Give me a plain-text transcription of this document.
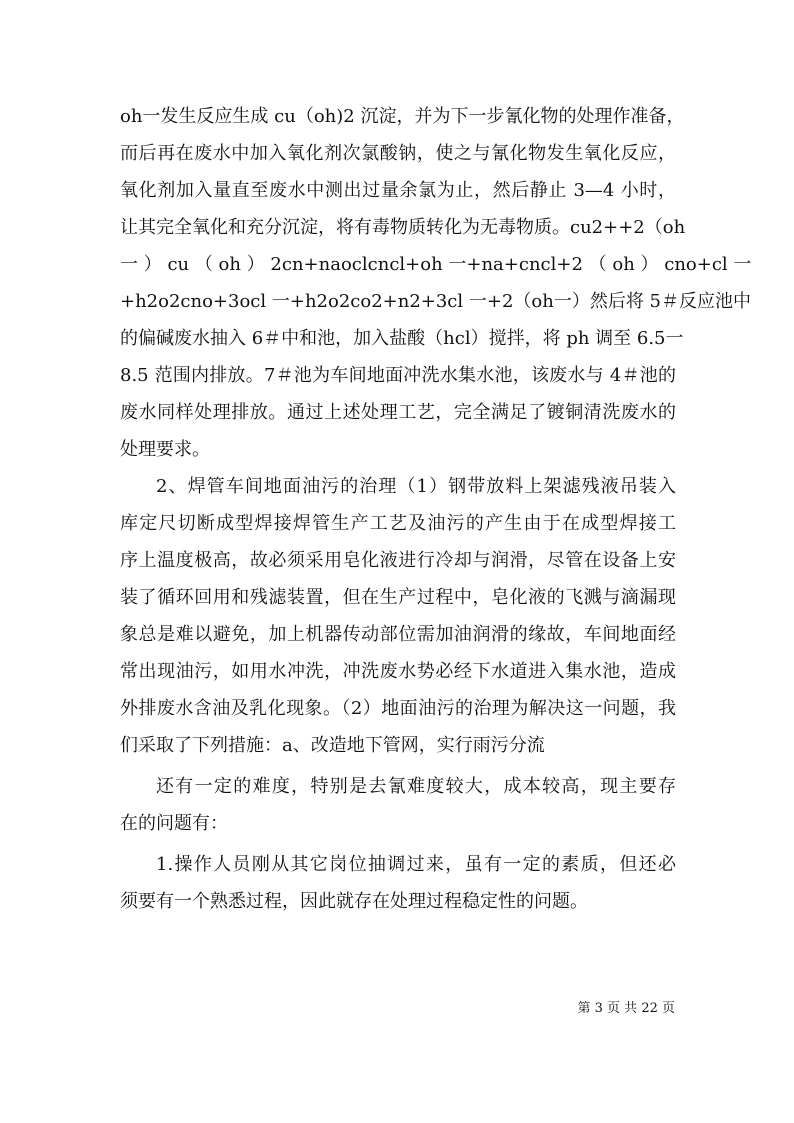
oh一发生反应生成 cu（oh)2 沉淀，并为下一步氰化物的处理作准备，
而后再在废水中加入氧化剂次氯酸钠，使之与氰化物发生氧化反应，
氧化剂加入量直至废水中测出过量余氯为止，然后静止 3—4 小时，
让其完全氧化和充分沉淀，将有毒物质转化为无毒物质。cu2++2（oh
一 ） cu （ oh ） 2cn+naoclcncl+oh 一+na+cncl+2 （ oh ） cno+cl 一
+h2o2cno+3ocl 一+h2o2co2+n2+3cl 一+2（oh一）然后将 5＃反应池中
的偏碱废水抽入 6＃中和池，加入盐酸（hcl）搅拌，将 ph 调至 6.5一
8.5 范围内排放。7＃池为车间地面冲洗水集水池，该废水与 4＃池的
废水同样处理排放。通过上述处理工艺，完全满足了镀铜清洗废水的
处理要求。
2、焊管车间地面油污的治理（1）钢带放料上架滤残液吊装入
库定尺切断成型焊接焊管生产工艺及油污的产生由于在成型焊接工
序上温度极高，故必须采用皂化液进行冷却与润滑，尽管在设备上安
装了循环回用和残滤装置，但在生产过程中，皂化液的飞溅与滴漏现
象总是难以避免，加上机器传动部位需加油润滑的缘故，车间地面经
常出现油污，如用水冲洗，冲洗废水势必经下水道进入集水池，造成
外排废水含油及乳化现象。（2）地面油污的治理为解决这一问题，我
们采取了下列措施：a、改造地下管网，实行雨污分流
还有一定的难度，特别是去氰难度较大，成本较高，现主要存
在的问题有：
1.操作人员刚从其它岗位抽调过来，虽有一定的素质，但还必
须要有一个熟悉过程，因此就存在处理过程稳定性的问题。
第 3 页 共 22 页
